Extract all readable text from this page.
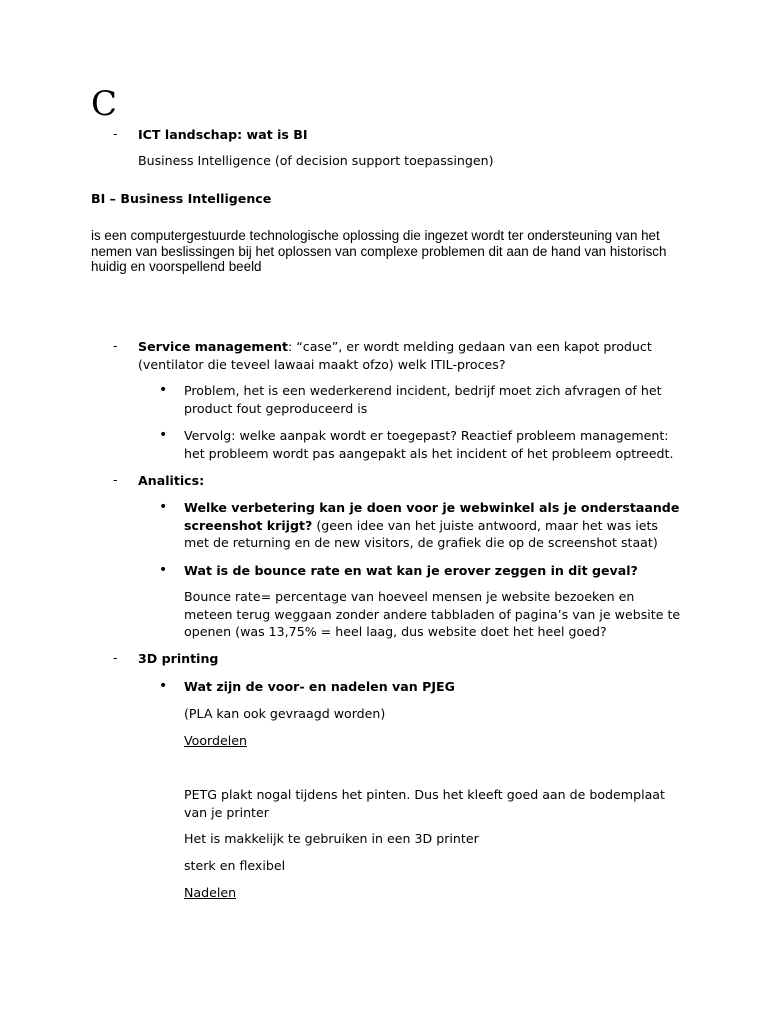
C
- ICT landschap: wat is BI
Business Intelligence (of decision support toepassingen)
BI – Business Intelligence
is een computergestuurde technologische oplossing die ingezet wordt ter ondersteuning van het nemen van beslissingen bij het oplossen van complexe problemen dit aan de hand van historisch huidig en voorspellend beeld
- Service management: “case”, er wordt melding gedaan van een kapot product (ventilator die teveel lawaai maakt ofzo) welk ITIL-proces?
• Problem, het is een wederkerend incident, bedrijf moet zich afvragen of het product fout geproduceerd is
• Vervolg: welke aanpak wordt er toegepast? Reactief probleem management: het probleem wordt pas aangepakt als het incident of het probleem optreedt.
- Analitics:
• Welke verbetering kan je doen voor je webwinkel als je onderstaande screenshot krijgt? (geen idee van het juiste antwoord, maar het was iets met de returning en de new visitors, de grafiek die op de screenshot staat)
• Wat is de bounce rate en wat kan je erover zeggen in dit geval?
Bounce rate= percentage van hoeveel mensen je website bezoeken en meteen terug weggaan zonder andere tabbladen of pagina’s van je website te openen (was 13,75% = heel laag, dus website doet het heel goed?
- 3D printing
• Wat zijn de voor- en nadelen van PJEG
(PLA kan ook gevraagd worden)
Voordelen
PETG plakt nogal tijdens het pinten. Dus het kleeft goed aan de bodemplaat van je printer
Het is makkelijk te gebruiken in een 3D printer
sterk en flexibel
Nadelen
